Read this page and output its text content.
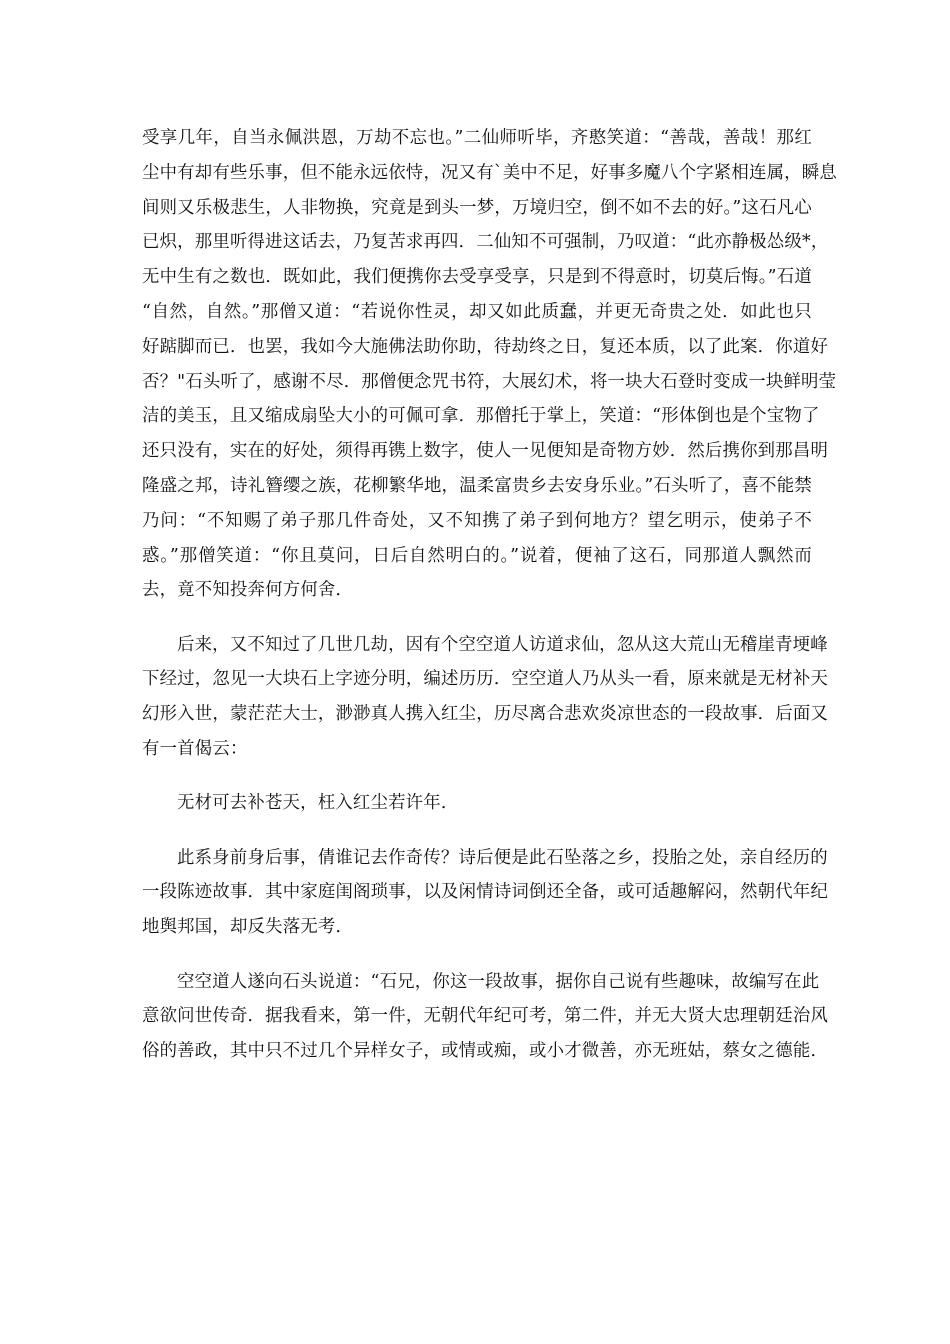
受享几年，自当永佩洪恩，万劫不忘也。”二仙师听毕，齐憨笑道：“善哉，善哉！那红
尘中有却有些乐事，但不能永远依恃，况又有`美中不足，好事多魔八个字紧相连属，瞬息
间则又乐极悲生，人非物换，究竟是到头一梦，万境归空，倒不如不去的好。”这石凡心
已炽，那里听得进这话去，乃复苦求再四．二仙知不可强制，乃叹道：“此亦静极怂级*，
无中生有之数也．既如此，我们便携你去受享受享，只是到不得意时，切莫后悔。”石道
“自然，自然。”那僧又道：“若说你性灵，却又如此质蠢，并更无奇贵之处．如此也只
好踮脚而已．也罢，我如今大施佛法助你助，待劫终之日，复还本质，以了此案．你道好
否？"石头听了，感谢不尽．那僧便念咒书符，大展幻术，将一块大石登时变成一块鲜明莹
洁的美玉，且又缩成扇坠大小的可佩可拿．那僧托于掌上，笑道：“形体倒也是个宝物了
还只没有，实在的好处，须得再镌上数字，使人一见便知是奇物方妙．然后携你到那昌明
隆盛之邦，诗礼簪缨之族，花柳繁华地，温柔富贵乡去安身乐业。”石头听了，喜不能禁
乃问：“不知赐了弟子那几件奇处，又不知携了弟子到何地方？望乞明示，使弟子不
惑。”那僧笑道：“你且莫问，日后自然明白的。”说着，便袖了这石，同那道人飘然而
去，竟不知投奔何方何舍．
后来，又不知过了几世几劫，因有个空空道人访道求仙，忽从这大荒山无稽崖青埂峰
下经过，忽见一大块石上字迹分明，编述历历．空空道人乃从头一看，原来就是无材补天
幻形入世，蒙茫茫大士，渺渺真人携入红尘，历尽离合悲欢炎凉世态的一段故事．后面又
有一首偈云：
无材可去补苍天，枉入红尘若许年．
此系身前身后事，倩谁记去作奇传？诗后便是此石坠落之乡，投胎之处，亲自经历的
一段陈迹故事．其中家庭闺阁琐事，以及闲情诗词倒还全备，或可适趣解闷，然朝代年纪
地舆邦国，却反失落无考．
空空道人遂向石头说道：“石兄，你这一段故事，据你自己说有些趣味，故编写在此
意欲问世传奇．据我看来，第一件，无朝代年纪可考，第二件，并无大贤大忠理朝廷治风
俗的善政，其中只不过几个异样女子，或情或痴，或小才微善，亦无班姑，蔡女之德能．
